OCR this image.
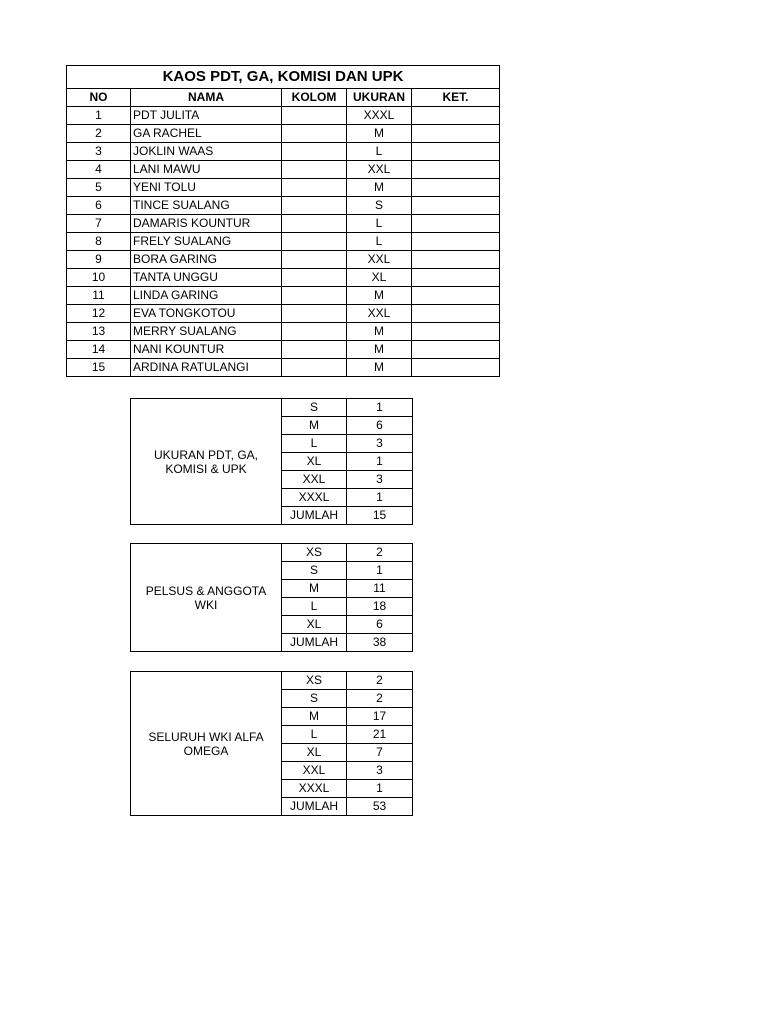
KAOS PDT, GA, KOMISI DAN UPK				
NO	NAMA	KOLOM	UKURAN	KET.
1	PDT JULITA		XXXL	
2	GA RACHEL		M	
3	JOKLIN WAAS		L	
4	LANI MAWU		XXL	
5	YENI TOLU		M	
6	TINCE SUALANG		S	
7	DAMARIS KOUNTUR		L	
8	FRELY SUALANG		L	
9	BORA GARING		XXL	
10	TANTA UNGGU		XL	
11	LINDA GARING		M	
12	EVA TONGKOTOU		XXL	
13	MERRY SUALANG		M	
14	NANI KOUNTUR		M	
15	ARDINA RATULANGI		M	
UKURAN PDT, GA, KOMISI & UPK	S	1
	M	6
	L	3
	XL	1
	XXL	3
	XXXL	1
	JUMLAH	15
PELSUS & ANGGOTA WKI	XS	2
	S	1
	M	11
	L	18
	XL	6
	JUMLAH	38
SELURUH WKI ALFA OMEGA	XS	2
	S	2
	M	17
	L	21
	XL	7
	XXL	3
	XXXL	1
	JUMLAH	53
